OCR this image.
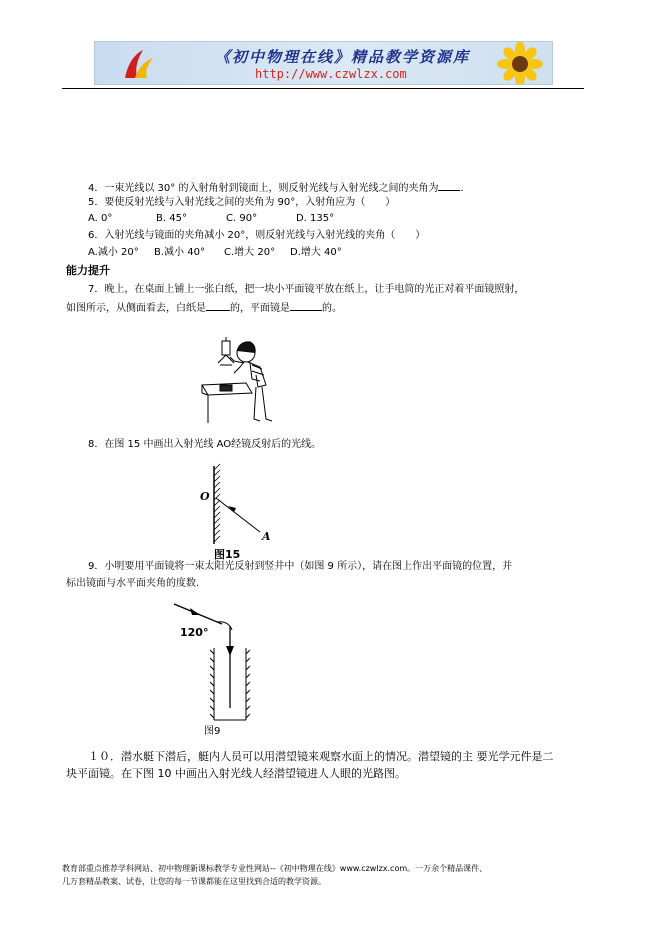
《初中物理在线》精品教学资源库
http://www.czwlzx.com
4．一束光线以 30° 的入射角射到镜面上，则反射光线与入射光线之间的夹角为 ．
5．要使反射光线与入射光线之间的夹角为 90°，入射角应为（　　）
A. 0°	B. 45°	C. 90°	D. 135°
6．入射光线与镜面的夹角减小 20°，则反射光线与入射光线的夹角（　　）
A.减小 20° B.减小 40° C.增大 20° D.增大 40°
能力提升
7．晚上，在桌面上铺上一张白纸，把一块小平面镜平放在纸上，让手电筒的光正对着平面镜照射，
如图所示，从侧面看去，白纸是 的，平面镜是	的。
8．在图 15 中画出入射光线 AO经镜反射后的光线。
O
A
图15
9．小明要用平面镜将一束太阳光反射到竖井中（如图 9 所示），请在图上作出平面镜的位置，并
标出镜面与水平面夹角的度数.
120°
图9
１０．潜水艇下潜后，艇内人员可以用潜望镜来观察水面上的情况。潜望镜的主 要光学元件是二
块平面镜。在下图 10 中画出入射光线人经潜望镜进人人眼的光路图。
教育部重点推荐学科网站、初中物理新课标教学专业性网站--《初中物理在线》www.czwlzx.com。一万余个精品课件、
几万套精品教案、试卷，让您的每一节课都能在这里找到合适的教学资源。
